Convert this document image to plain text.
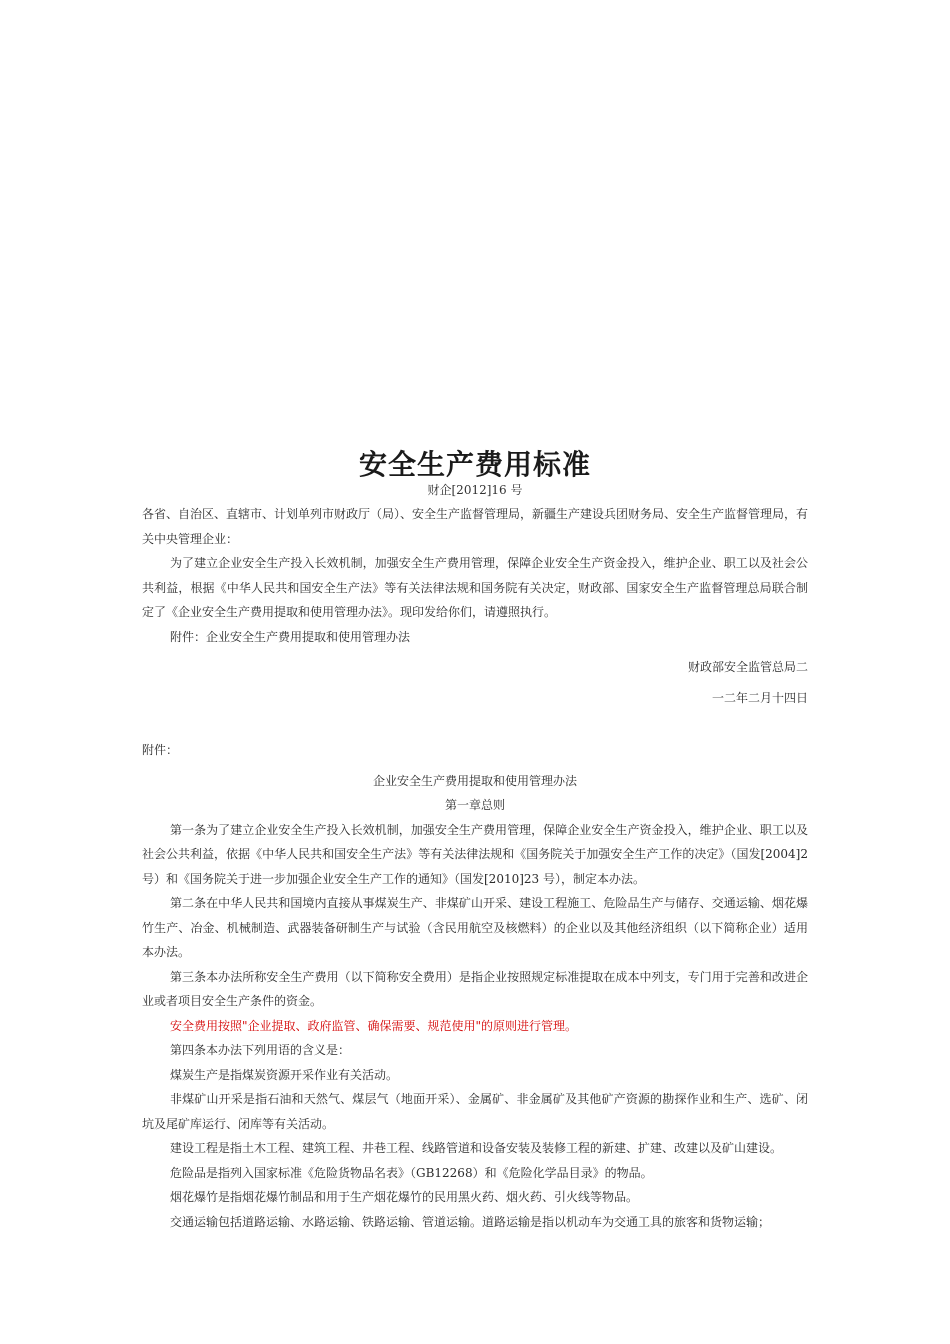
安全生产费用标准

财企[2012]16 号

各省、自治区、直辖市、计划单列市财政厅（局）、安全生产监督管理局，新疆生产建设兵团财务局、安全生产监督管理局，有关中央管理企业：

为了建立企业安全生产投入长效机制，加强安全生产费用管理，保障企业安全生产资金投入，维护企业、职工以及社会公共利益，根据《中华人民共和国安全生产法》等有关法律法规和国务院有关决定，财政部、国家安全生产监督管理总局联合制定了《企业安全生产费用提取和使用管理办法》。现印发给你们，请遵照执行。

附件：企业安全生产费用提取和使用管理办法

财政部安全监管总局二

一二年二月十四日

附件：

企业安全生产费用提取和使用管理办法

第一章总则

第一条为了建立企业安全生产投入长效机制，加强安全生产费用管理，保障企业安全生产资金投入，维护企业、职工以及社会公共利益，依据《中华人民共和国安全生产法》等有关法律法规和《国务院关于加强安全生产工作的决定》（国发[2004]2 号）和《国务院关于进一步加强企业安全生产工作的通知》（国发[2010]23 号），制定本办法。

第二条在中华人民共和国境内直接从事煤炭生产、非煤矿山开采、建设工程施工、危险品生产与储存、交通运输、烟花爆竹生产、冶金、机械制造、武器装备研制生产与试验（含民用航空及核燃料）的企业以及其他经济组织（以下简称企业）适用本办法。

第三条本办法所称安全生产费用（以下简称安全费用）是指企业按照规定标准提取在成本中列支，专门用于完善和改进企业或者项目安全生产条件的资金。

安全费用按照"企业提取、政府监管、确保需要、规范使用"的原则进行管理。

第四条本办法下列用语的含义是：

煤炭生产是指煤炭资源开采作业有关活动。

非煤矿山开采是指石油和天然气、煤层气（地面开采）、金属矿、非金属矿及其他矿产资源的勘探作业和生产、选矿、闭坑及尾矿库运行、闭库等有关活动。

建设工程是指土木工程、建筑工程、井巷工程、线路管道和设备安装及装修工程的新建、扩建、改建以及矿山建设。

危险品是指列入国家标准《危险货物品名表》（GB12268）和《危险化学品目录》的物品。

烟花爆竹是指烟花爆竹制品和用于生产烟花爆竹的民用黑火药、烟火药、引火线等物品。

交通运输包括道路运输、水路运输、铁路运输、管道运输。道路运输是指以机动车为交通工具的旅客和货物运输；
